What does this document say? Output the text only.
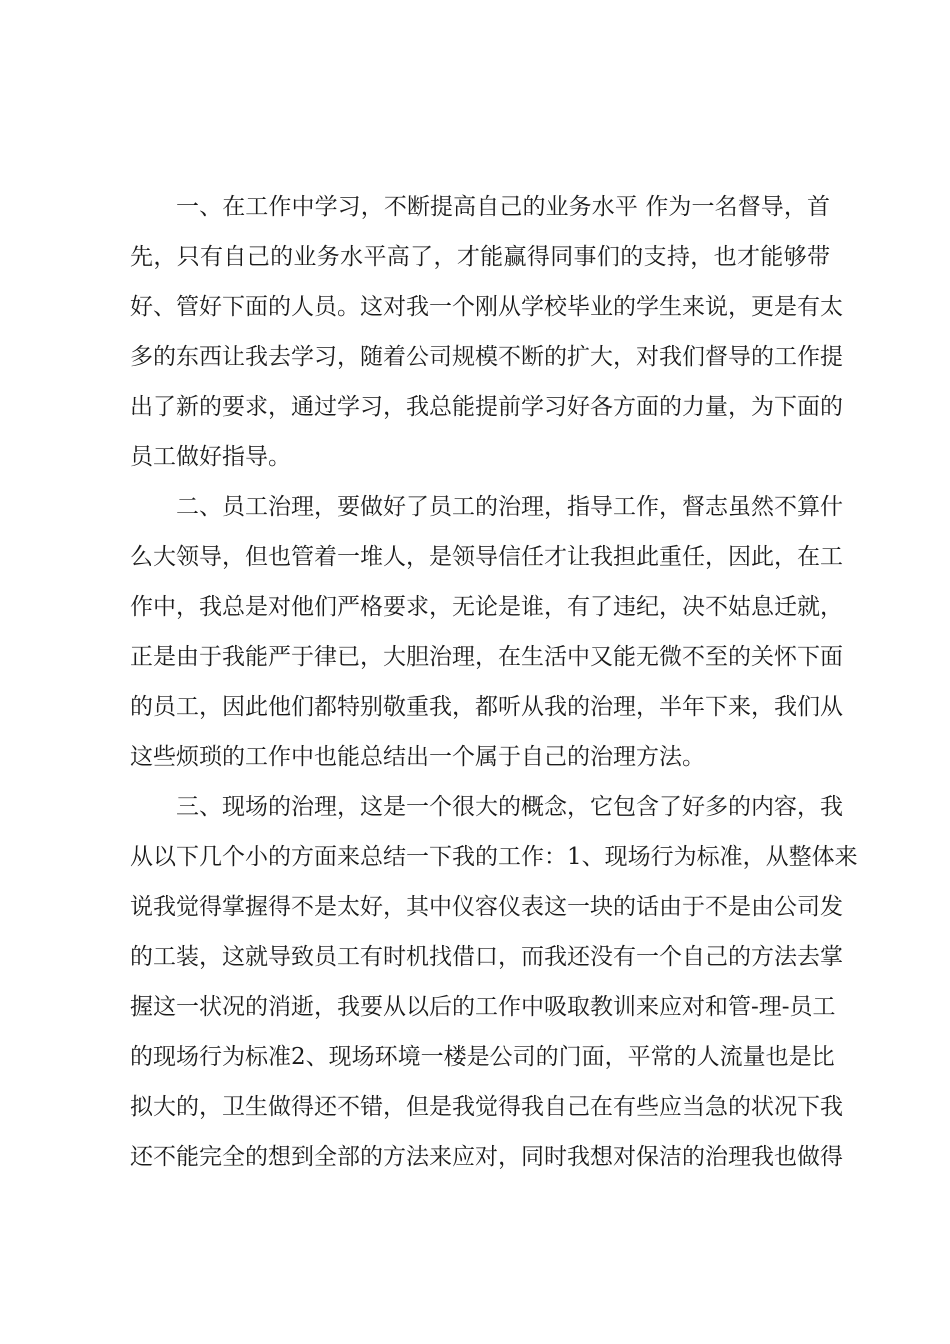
一、在工作中学习，不断提高自己的业务水平 作为一名督导，首
先，只有自己的业务水平高了，才能赢得同事们的支持，也才能够带
好、管好下面的人员。这对我一个刚从学校毕业的学生来说，更是有太
多的东西让我去学习，随着公司规模不断的扩大，对我们督导的工作提
出了新的要求，通过学习，我总能提前学习好各方面的力量，为下面的
员工做好指导。
二、员工治理，要做好了员工的治理，指导工作，督志虽然不算什
么大领导，但也管着一堆人，是领导信任才让我担此重任，因此，在工
作中，我总是对他们严格要求，无论是谁，有了违纪，决不姑息迁就，
正是由于我能严于律已，大胆治理，在生活中又能无微不至的关怀下面
的员工，因此他们都特别敬重我，都听从我的治理，半年下来，我们从
这些烦琐的工作中也能总结出一个属于自己的治理方法。
三、现场的治理，这是一个很大的概念，它包含了好多的内容，我
从以下几个小的方面来总结一下我的工作：1、现场行为标准，从整体来
说我觉得掌握得不是太好，其中仪容仪表这一块的话由于不是由公司发
的工装，这就导致员工有时机找借口，而我还没有一个自己的方法去掌
握这一状况的消逝，我要从以后的工作中吸取教训来应对和管-理-员工
的现场行为标准2、现场环境一楼是公司的门面，平常的人流量也是比
拟大的，卫生做得还不错，但是我觉得我自己在有些应当急的状况下我
还不能完全的想到全部的方法来应对，同时我想对保洁的治理我也做得
